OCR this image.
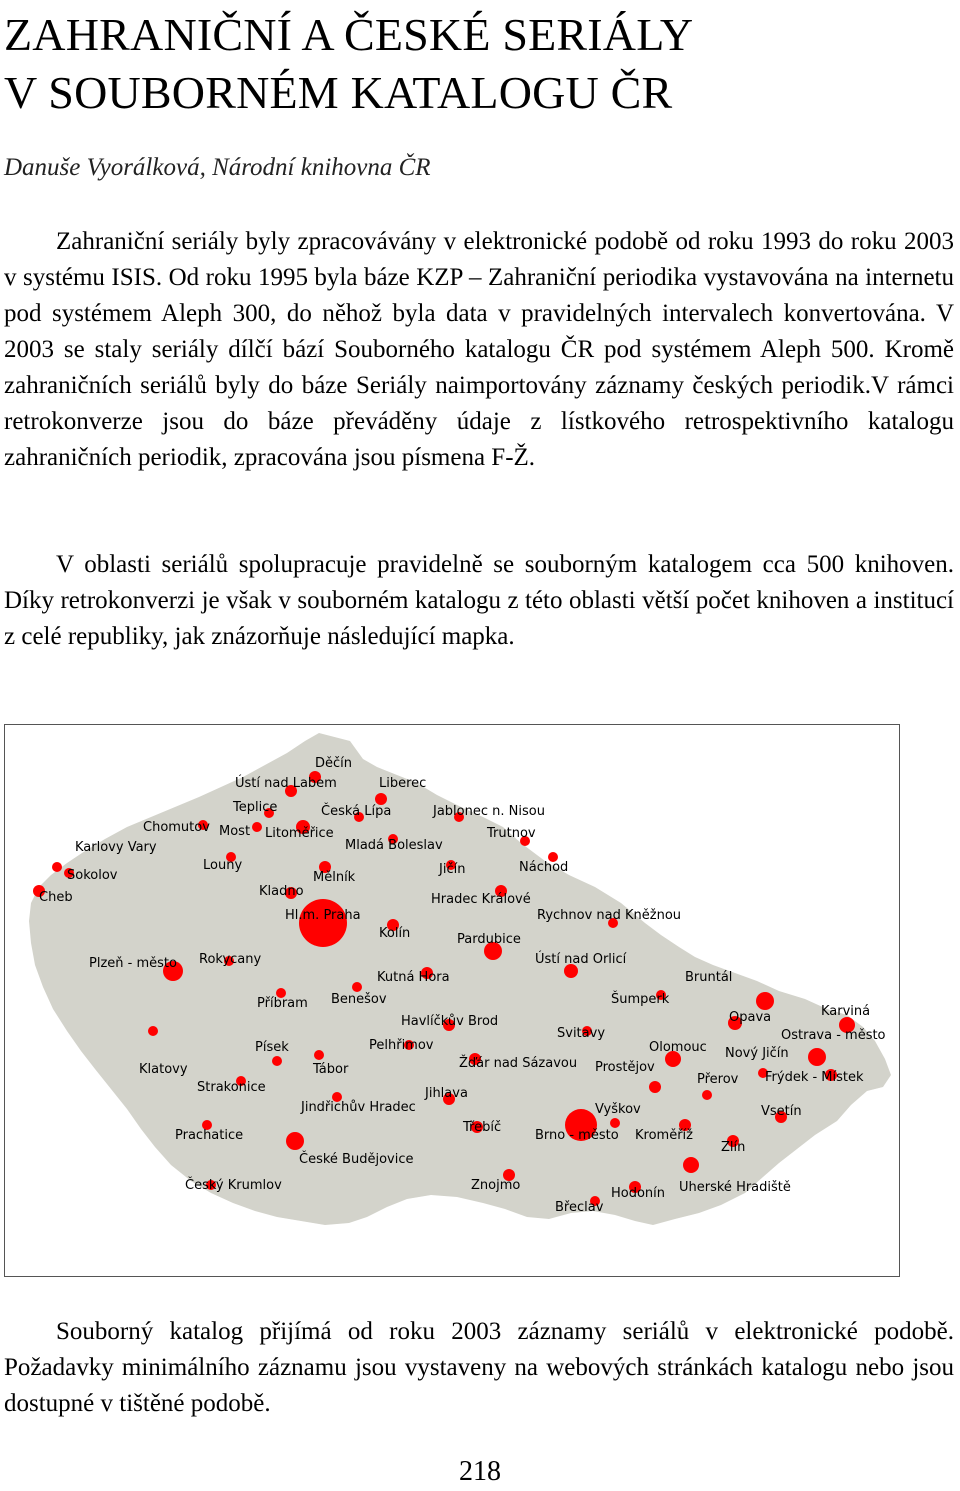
ZAHRANIČNÍ A ČESKÉ SERIÁLY
V SOUBORNÉM KATALOGU ČR
Danuše Vyorálková, Národní knihovna ČR

Zahraniční seriály byly zpracovávány v elektronické podobě od roku 1993 do roku 2003 v systému ISIS. Od roku 1995 byla báze KZP – Zahraniční periodika vystavována na internetu pod systémem Aleph 300, do něhož byla data v pravidelných intervalech konvertována. V 2003 se staly seriály dílčí bází Souborného katalogu ČR pod systémem Aleph 500. Kromě zahraničních seriálů byly do báze Seriály naimportovány záznamy českých periodik.V rámci retrokonverze jsou do báze převáděny údaje z lístkového retrospektivního katalogu zahraničních periodik, zpracována jsou písmena F-Ž.

V oblasti seriálů spolupracuje pravidelně se souborným katalogem cca 500 knihoven. Díky retrokonverzi je však v souborném katalogu z této oblasti větší počet knihoven a institucí z celé republiky, jak znázorňuje následující mapka.

Děčín
Ústí nad Labem	Liberec
Teplice	Česká Lípa	Jablonec n. Nisou
Chomutov Most Litoměřice
Mladá Boleslav
Trutnov
Karlovy Vary
Louny	Jičín	Náchod
Sokolov	Mělník
Cheb	Kladno
Hradec Králové
Hl.m. Praha	Rychnov nad Kněžnou
Kolín	Pardubice
Plzeň - město Rokycany	Ústí nad Orlicí
Kutná Hora	Bruntál
Příbram Benešov	Šumperk
Karviná
Opava
Ostrava - město
Havlíčkův Brod
Svitavy
Pelhřimov	Olomouc Nový Jičín
Písek
Klatovy	Tábor	Žďár nad Sázavou Prostějov
Frýdek - Místek
Strakonice
Přerov
Jihlava
Jindřichův Hradec	Vyškov	Vsetín
Prachatice
Třebíč
Brno - město Kroměříž
České Budějovice
Zlín
Český Krumlov	Znojmo
Hodonín Uherské Hradiště
Břeclav

Souborný katalog přijímá od roku 2003 záznamy seriálů v elektronické podobě. Požadavky minimálního záznamu jsou vystaveny na webových stránkách katalogu nebo jsou dostupné v tištěné podobě.

218
